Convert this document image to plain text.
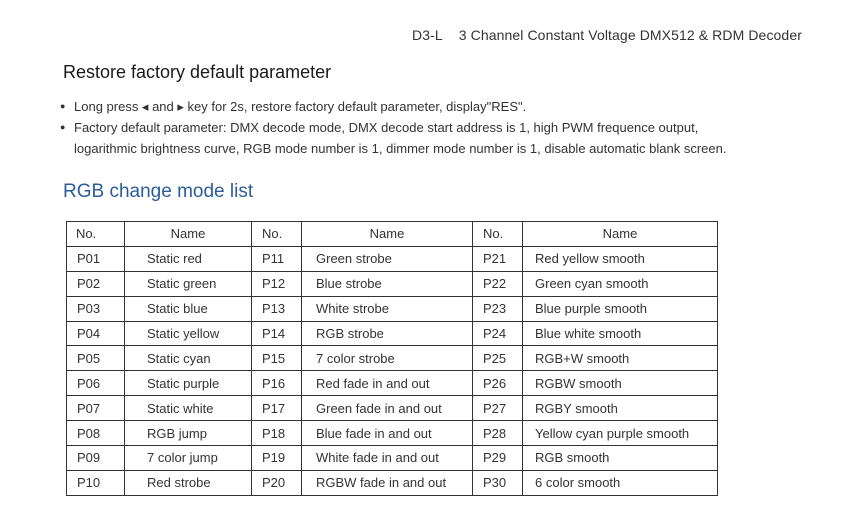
D3-L 3 Channel Constant Voltage DMX512 & RDM Decoder
Restore factory default parameter
● Long press ◂ and ▸ key for 2s, restore factory default parameter, display"RES".
● Factory default parameter: DMX decode mode, DMX decode start address is 1, high PWM frequence output,
logarithmic brightness curve, RGB mode number is 1, dimmer mode number is 1, disable automatic blank screen.
RGB change mode list
No.	Name	No.	Name	No.	Name
P01	Static red	P11	Green strobe	P21	Red yellow smooth
P02	Static green	P12	Blue strobe	P22	Green cyan smooth
P03	Static blue	P13	White strobe	P23	Blue purple smooth
P04	Static yellow	P14	RGB strobe	P24	Blue white smooth
P05	Static cyan	P15	7 color strobe	P25	RGB+W smooth
P06	Static purple	P16	Red fade in and out	P26	RGBW smooth
P07	Static white	P17	Green fade in and out	P27	RGBY smooth
P08	RGB jump	P18	Blue fade in and out	P28	Yellow cyan purple smooth
P09	7 color jump	P19	White fade in and out	P29	RGB smooth
P10	Red strobe	P20	RGBW fade in and out	P30	6 color smooth
